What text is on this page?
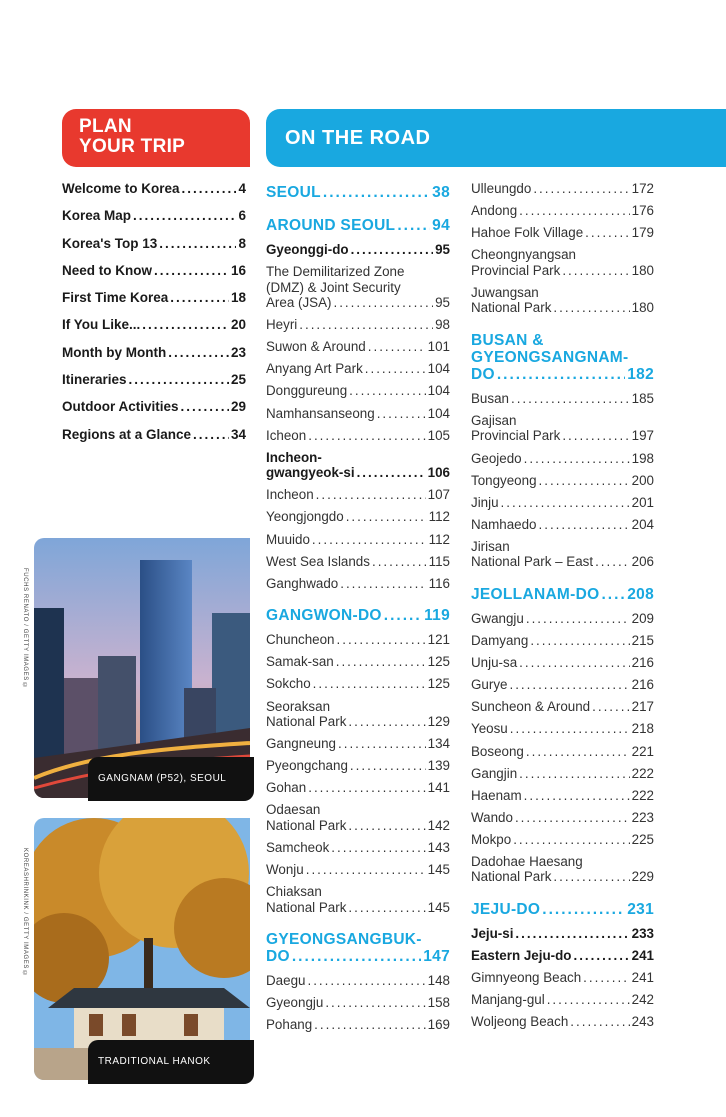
PLAN
YOUR TRIP	ON THE ROAD
Welcome to Korea .....	4
Korea Map .....	6
Korea's Top 13 .....	8
Need to Know .....	16
First Time Korea .....	18
If You Like... .....	20
Month by Month .....	23
Itineraries .....	25
Outdoor Activities .....	29
Regions at a Glance .....	34
SEOUL .....	38
AROUND SEOUL ..... 94
Gyeonggi-do .....	95
The Demilitarized Zone
(DMZ) & Joint Security
Area (JSA) .....	95
Heyri .....	98
Suwon & Around .....	101
Anyang Art Park .....	104
Donggureung .....	104
Namhansanseong .....	104
Icheon .....	105
Incheon-
gwangyeok-si .....	106
Incheon .....	107
Yeongjongdo .....	112
Muuido .....	112
West Sea Islands .....	115
Ganghwado .....	116
GANGWON-DO .....	119
Chuncheon .....	121
Samak-san .....	125
Sokcho .....	125
Seoraksan
National Park .....	129
Gangneung .....	134
Pyeongchang .....	139
Gohan .....	141
Odaesan
National Park .....	142
Samcheok .....	143
Wonju .....	145
Chiaksan
National Park .....	145
GYEONGSANGBUK-
DO .....	147
Daegu .....	148
Gyeongju .....	158
Pohang .....	169
Ulleungdo .....	172
Andong .....	176
Hahoe Folk Village .....	179
Cheongnyangsan
Provincial Park .....	180
Juwangsan
National Park .....	180
BUSAN &
GYEONGSANGNAM-
DO .....	182
Busan .....	185
Gajisan
Provincial Park .....	197
Geojedo .....	198
Tongyeong .....	200
Jinju .....	201
Namhaedo .....	204
Jirisan
National Park – East .....	206
JEOLLANAM-DO ..... 208
Gwangju .....	209
Damyang .....	215
Unju-sa .....	216
Gurye .....	216
Suncheon & Around .....	217
Yeosu .....	218
Boseong .....	221
Gangjin .....	222
Haenam .....	222
Wando .....	223
Mokpo .....	225
Dadohae Haesang
National Park .....	229
JEJU-DO .....	231
Jeju-si .....	233
Eastern Jeju-do .....	241
Gimnyeong Beach .....	241
Manjang-gul .....	242
Woljeong Beach .....	243
FUCHS RENATO / GETTY IMAGES ©
GANGNAM (P52), SEOUL
KOREASHRINKINK / GETTY IMAGES ©
TRADITIONAL HANOK
